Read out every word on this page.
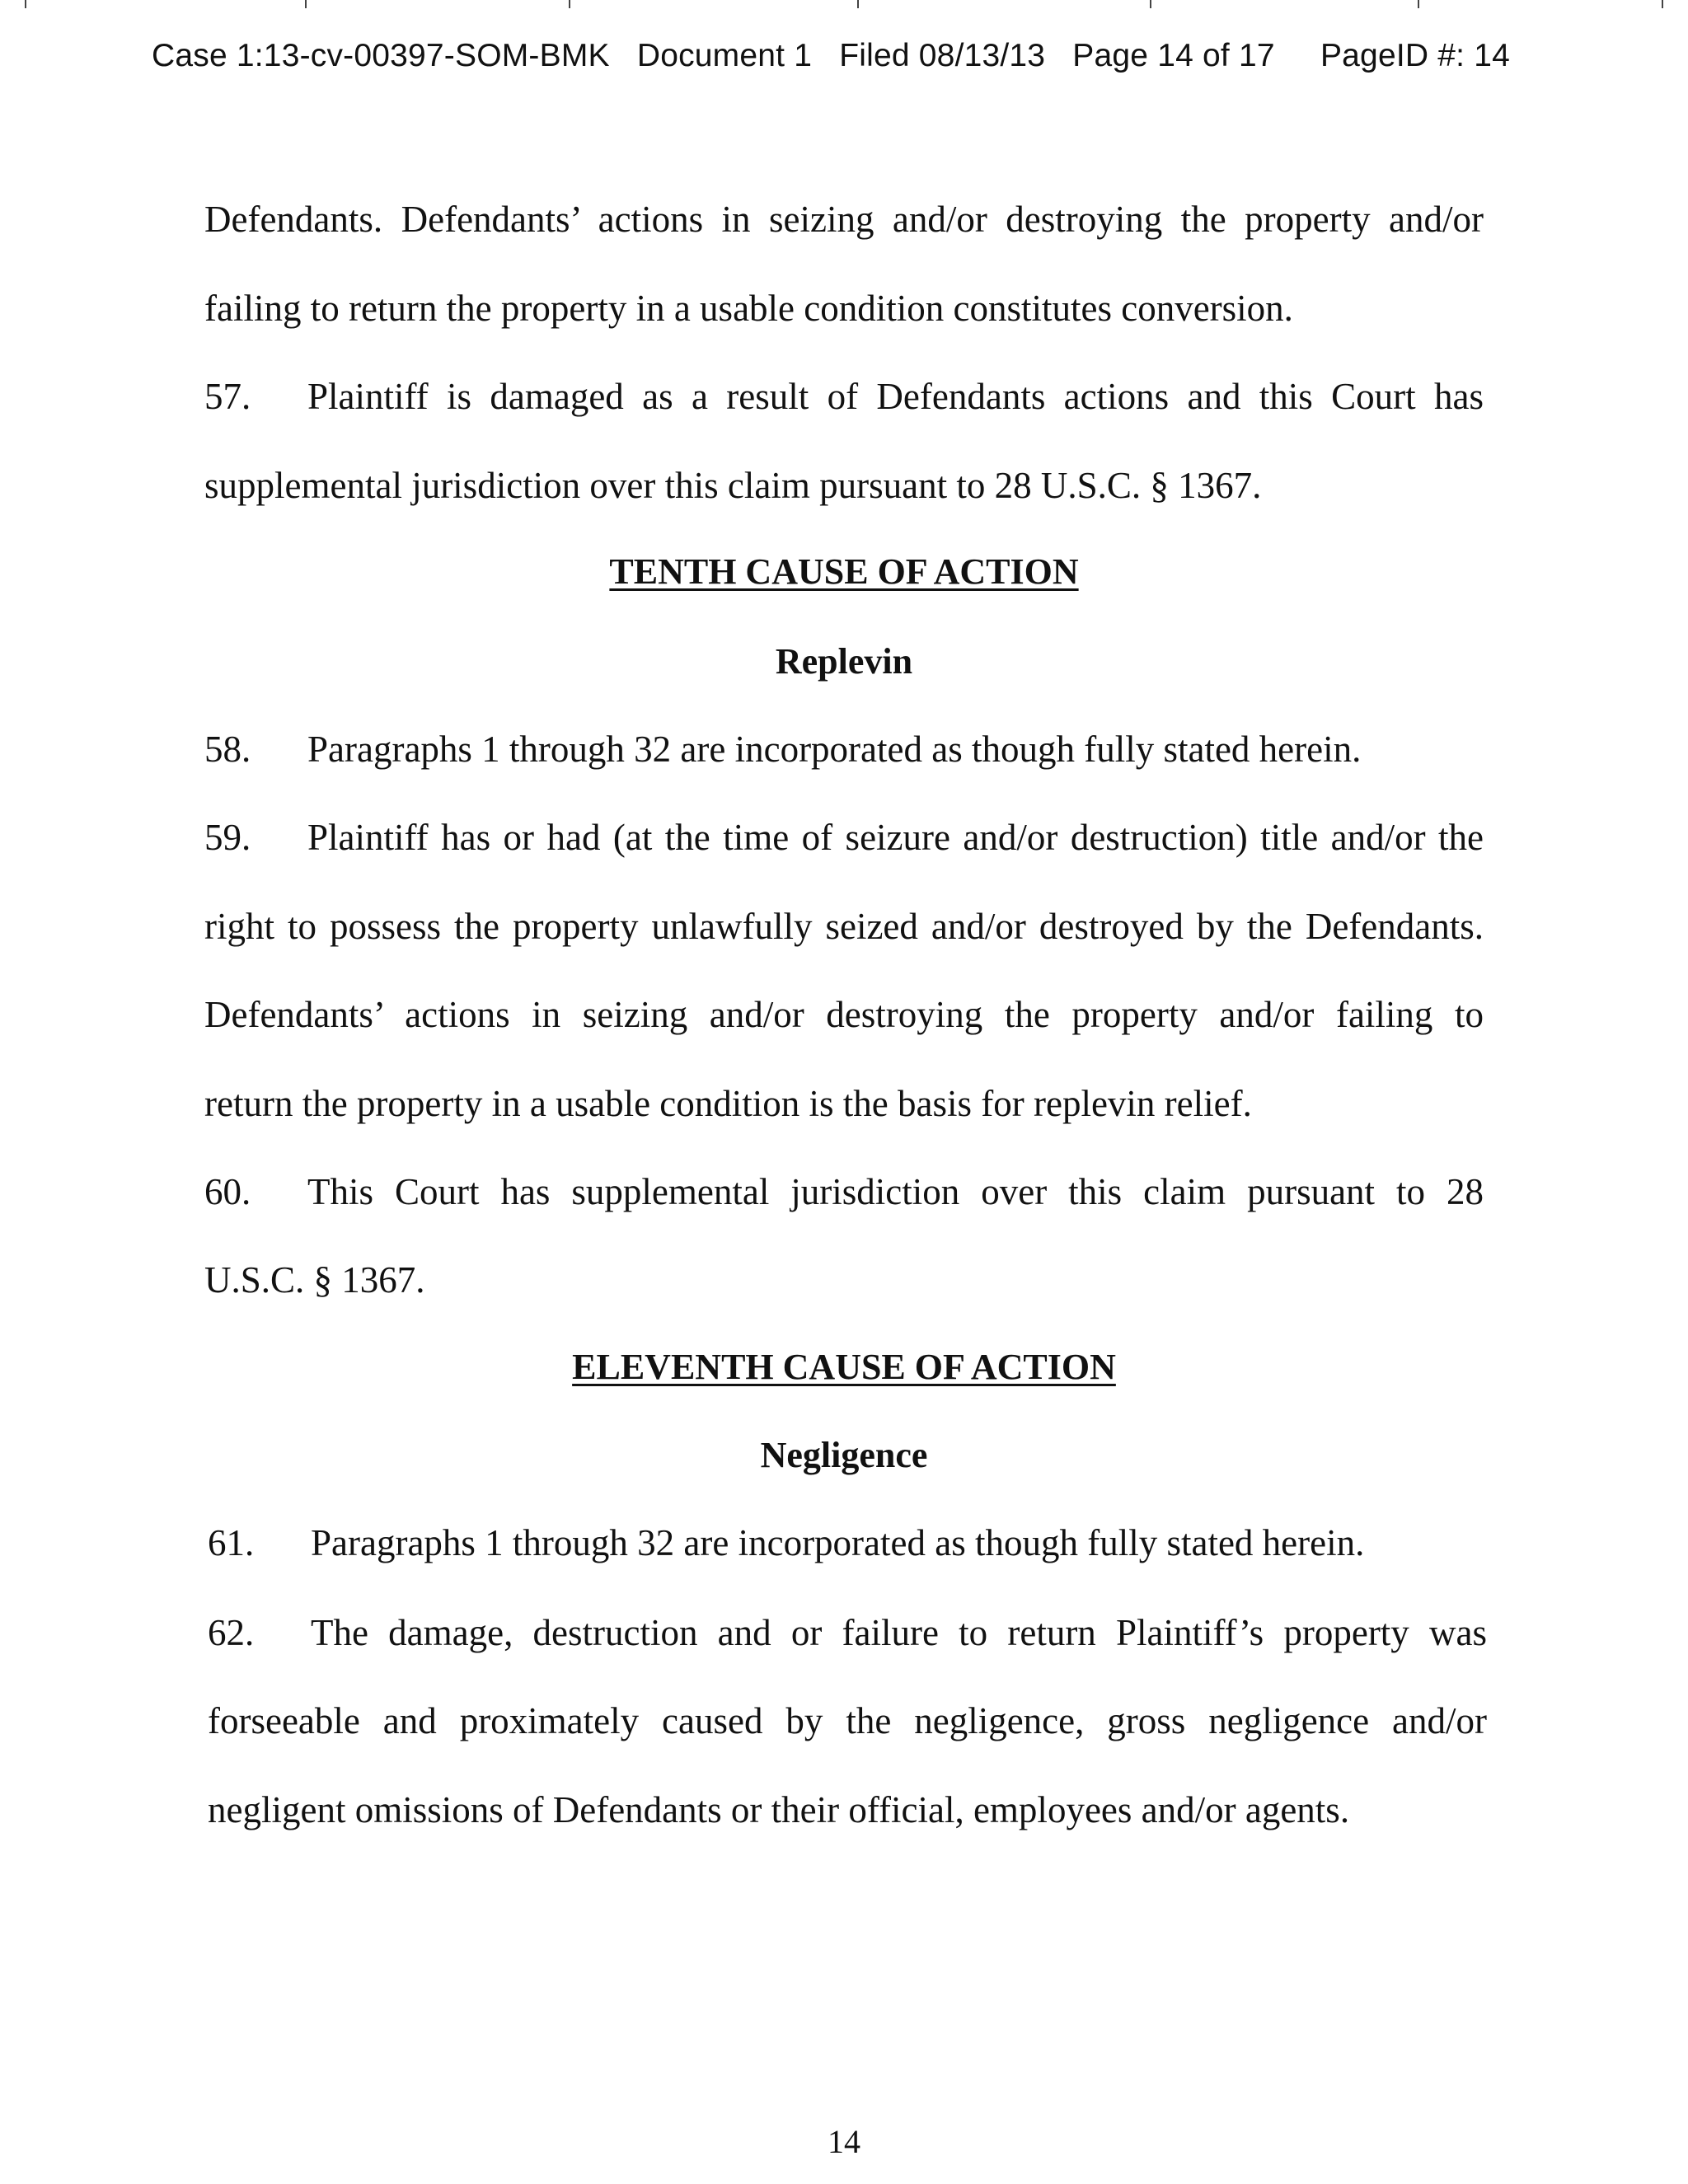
Case 1:13-cv-00397-SOM-BMK   Document 1   Filed 08/13/13   Page 14 of 17     PageID #: 14
Defendants. Defendants’ actions in seizing and/or destroying the property and/or
failing to return the property in a usable condition constitutes conversion.
57. Plaintiff is damaged as a result of Defendants actions and this Court has
supplemental jurisdiction over this claim pursuant to 28 U.S.C. § 1367.
TENTH CAUSE OF ACTION
Replevin
58. Paragraphs 1 through 32 are incorporated as though fully stated herein.
59. Plaintiff has or had (at the time of seizure and/or destruction) title and/or the
right to possess the property unlawfully seized and/or destroyed by the Defendants.
Defendants’ actions in seizing and/or destroying the property and/or failing to
return the property in a usable condition is the basis for replevin relief.
60. This Court has supplemental jurisdiction over this claim pursuant to 28
U.S.C. § 1367.
ELEVENTH CAUSE OF ACTION
Negligence
61. Paragraphs 1 through 32 are incorporated as though fully stated herein.
62. The damage, destruction and or failure to return Plaintiff’s property was
forseeable and proximately caused by the negligence, gross negligence and/or
negligent omissions of Defendants or their official, employees and/or agents.
14
